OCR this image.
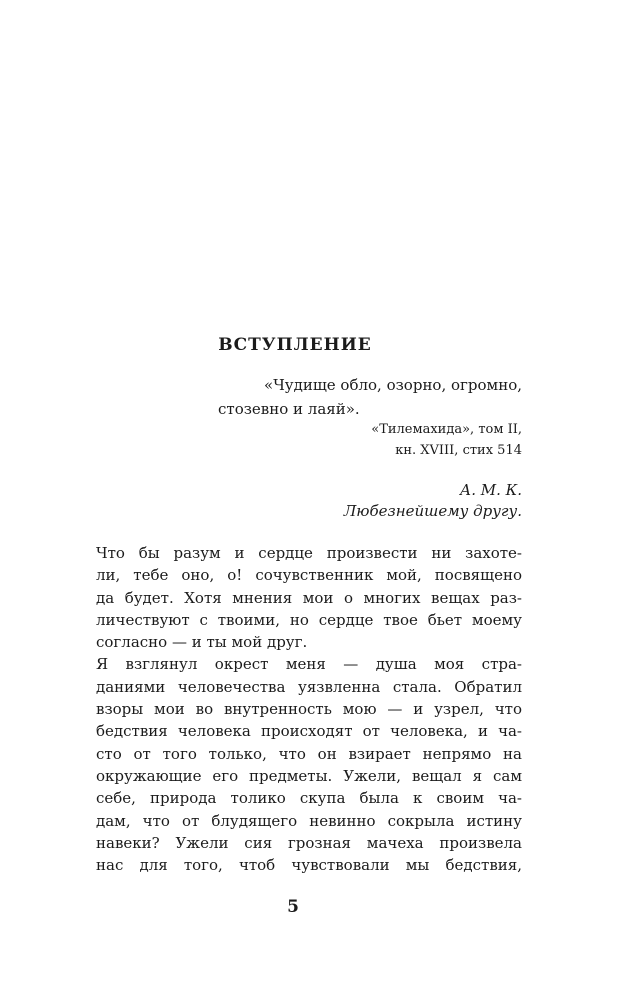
ВСТУПЛЕНИЕ
«Чудище обло, озорно, огромно,
стозевно и лаяй».
«Тилемахида», том II,
кн. XVIII, стих 514
А. М. К.
Любезнейшему другу.
Что бы разум и сердце произвести ни захоте-
ли, тебе оно, о! сочувственник мой, посвящено
да будет. Хотя мнения мои о многих вещах раз-
личествуют с твоими, но сердце твое бьет моему
согласно — и ты мой друг.
Я взглянул окрест меня — душа моя стра-
даниями человечества уязвленна стала. Обратил
взоры мои во внутренность мою — и узрел, что
бедствия человека происходят от человека, и ча-
сто от того только, что он взирает непрямо на
окружающие его предметы. Ужели, вещал я сам
себе, природа толико скупа была к своим ча-
дам, что от блудящего невинно сокрыла истину
навеки? Ужели сия грозная мачеха произвела
нас для того, чтоб чувствовали мы бедствия,
5
